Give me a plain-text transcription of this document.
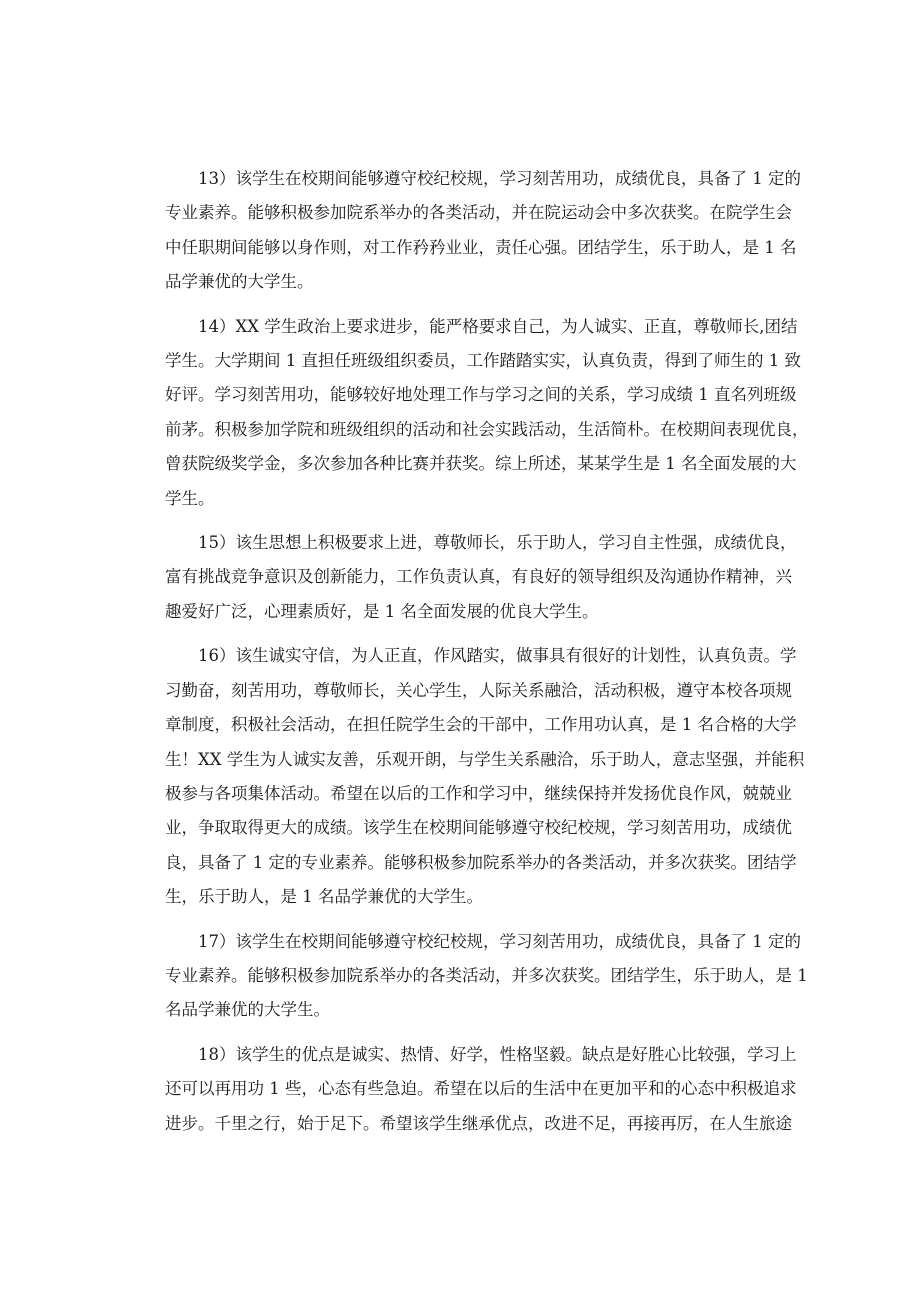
13）该学生在校期间能够遵守校纪校规，学习刻苦用功，成绩优良，具备了 1 定的
专业素养。能够积极参加院系举办的各类活动，并在院运动会中多次获奖。在院学生会
中任职期间能够以身作则，对工作矜矜业业，责任心强。团结学生，乐于助人，是 1 名
品学兼优的大学生。
14）XX 学生政治上要求进步，能严格要求自己，为人诚实、正直，尊敬师长,团结
学生。大学期间 1 直担任班级组织委员，工作踏踏实实，认真负责，得到了师生的 1 致
好评。学习刻苦用功，能够较好地处理工作与学习之间的关系，学习成绩 1 直名列班级
前茅。积极参加学院和班级组织的活动和社会实践活动，生活简朴。在校期间表现优良，
曾获院级奖学金，多次参加各种比赛并获奖。综上所述，某某学生是 1 名全面发展的大
学生。
15）该生思想上积极要求上进，尊敬师长，乐于助人，学习自主性强，成绩优良，
富有挑战竞争意识及创新能力，工作负责认真，有良好的领导组织及沟通协作精神，兴
趣爱好广泛，心理素质好，是 1 名全面发展的优良大学生。
16）该生诚实守信，为人正直，作风踏实，做事具有很好的计划性，认真负责。学
习勤奋，刻苦用功，尊敬师长，关心学生，人际关系融洽，活动积极，遵守本校各项规
章制度，积极社会活动，在担任院学生会的干部中，工作用功认真，是 1 名合格的大学
生！XX 学生为人诚实友善，乐观开朗，与学生关系融洽，乐于助人，意志坚强，并能积
极参与各项集体活动。希望在以后的工作和学习中，继续保持并发扬优良作风，兢兢业
业，争取取得更大的成绩。该学生在校期间能够遵守校纪校规，学习刻苦用功，成绩优
良，具备了 1 定的专业素养。能够积极参加院系举办的各类活动，并多次获奖。团结学
生，乐于助人，是 1 名品学兼优的大学生。
17）该学生在校期间能够遵守校纪校规，学习刻苦用功，成绩优良，具备了 1 定的
专业素养。能够积极参加院系举办的各类活动，并多次获奖。团结学生，乐于助人，是 1
名品学兼优的大学生。
18）该学生的优点是诚实、热情、好学，性格坚毅。缺点是好胜心比较强，学习上
还可以再用功 1 些，心态有些急迫。希望在以后的生活中在更加平和的心态中积极追求
进步。千里之行，始于足下。希望该学生继承优点，改进不足，再接再厉，在人生旅途
